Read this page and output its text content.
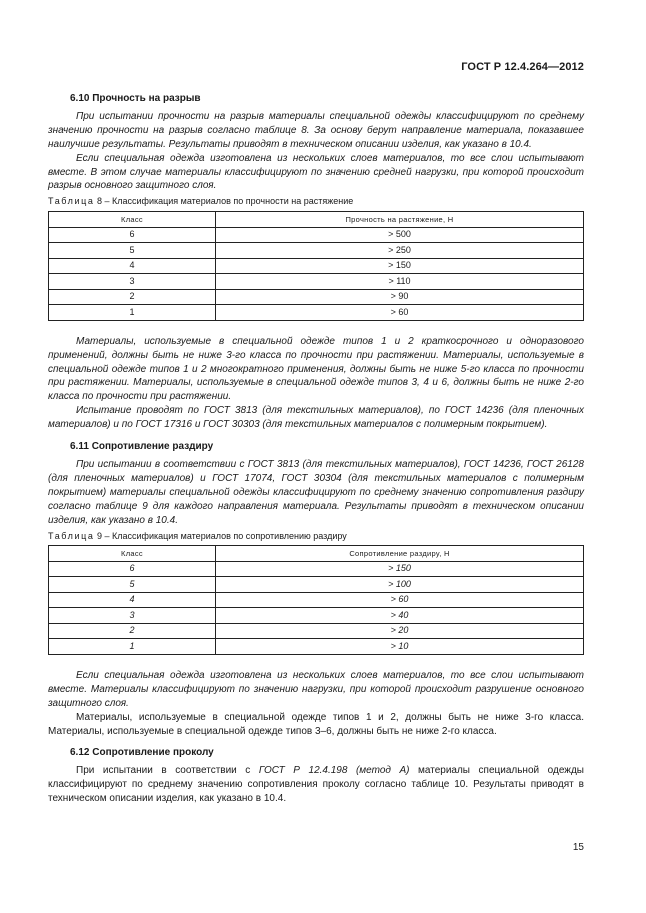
ГОСТ Р 12.4.264—2012
6.10 Прочность на разрыв

При испытании прочности на разрыв материалы специальной одежды классифицируют по среднему значению прочности на разрыв согласно таблице 8. За основу берут направление материала, показавшее наилучшие результаты. Результаты приводят в техническом описании изделия, как указано в 10.4.

Если специальная одежда изготовлена из нескольких слоев материалов, то все слои испытывают вместе. В этом случае материалы классифицируют по значению средней нагрузки, при которой происходит разрыв основного защитного слоя.

Таблица 8 – Классификация материалов по прочности на растяжение
Класс	Прочность на растяжение, Н
6	> 500
5	> 250
4	> 150
3	> 110
2	> 90
1	> 60

Материалы, используемые в специальной одежде типов 1 и 2 краткосрочного и одноразового применений, должны быть не ниже 3-го класса по прочности при растяжении. Материалы, используемые в специальной одежде типов 1 и 2 многократного применения, должны быть не ниже 5-го класса по прочности при растяжении. Материалы, используемые в специальной одежде типов 3, 4 и 6, должны быть не ниже 2-го класса по прочности при растяжении.

Испытание проводят по ГОСТ 3813 (для текстильных материалов), по ГОСТ 14236 (для пленочных материалов) и по ГОСТ 17316 и ГОСТ 30303 (для текстильных материалов с полимерным покрытием).

6.11 Сопротивление раздиру

При испытании в соответствии с ГОСТ 3813 (для текстильных материалов), ГОСТ 14236, ГОСТ 26128 (для пленочных материалов) и ГОСТ 17074, ГОСТ 30304 (для текстильных материалов с полимерным покрытием) материалы специальной одежды классифицируют по среднему значению сопротивления раздиру согласно таблице 9 для каждого направления материала. Результаты приводят в техническом описании изделия, как указано в 10.4.

Таблица 9 – Классификация материалов по сопротивлению раздиру
Класс	Сопротивление раздиру, Н
6	> 150
5	> 100
4	> 60
3	> 40
2	> 20
1	> 10

Если специальная одежда изготовлена из нескольких слоев материалов, то все слои испытывают вместе. Материалы классифицируют по значению нагрузки, при которой происходит разрушение основного защитного слоя.

Материалы, используемые в специальной одежде типов 1 и 2, должны быть не ниже 3-го класса. Материалы, используемые в специальной одежде типов 3–6, должны быть не ниже 2-го класса.

6.12 Сопротивление проколу

При испытании в соответствии с ГОСТ Р 12.4.198 (метод А) материалы специальной одежды классифицируют по среднему значению сопротивления проколу согласно таблице 10. Результаты приводят в техническом описании изделия, как указано в 10.4.

15
